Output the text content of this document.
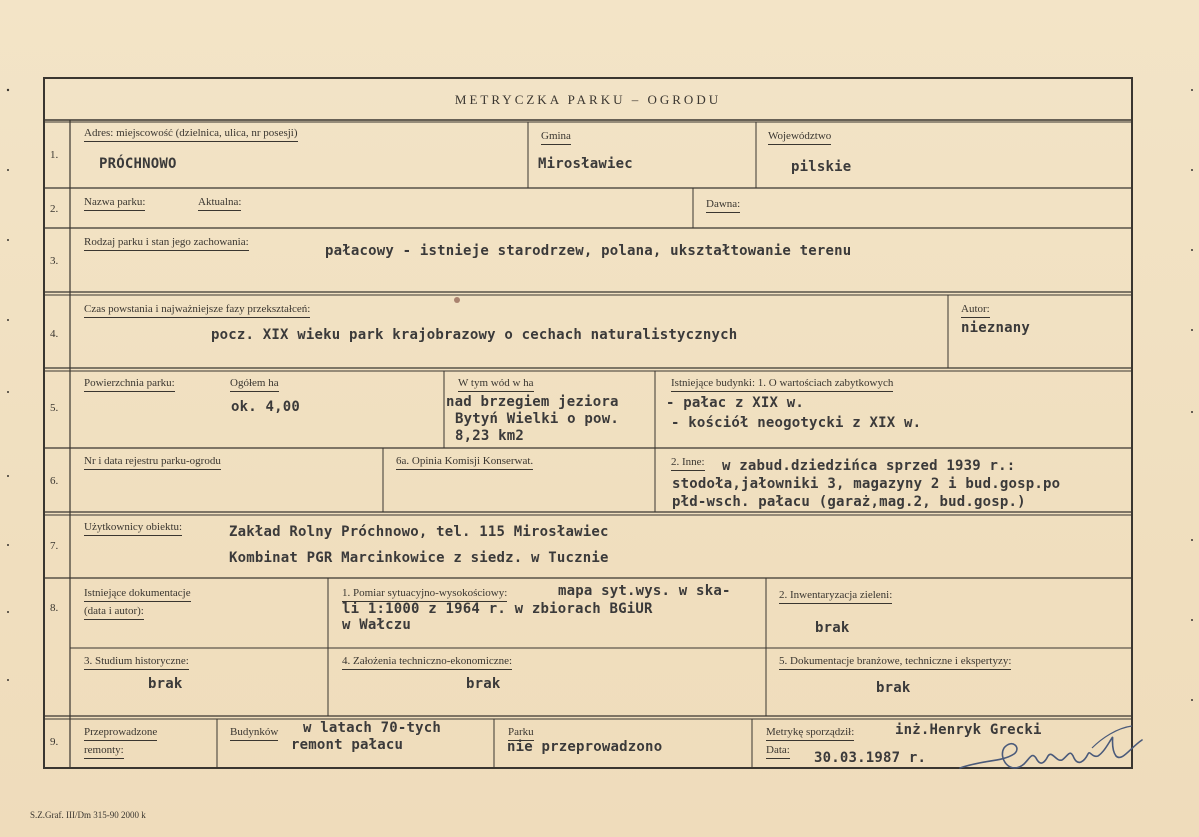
METRYCZKA PARKU – OGRODU
1.
Adres: miejscowość (dzielnica, ulica, nr posesji)
PRÓCHNOWO
Gmina
Mirosławiec
Województwo
pilskie
2.
Nazwa parku:	Aktualna:	Dawna:
3.
Rodzaj parku i stan jego zachowania:
pałacowy - istnieje starodrzew, polana, ukształtowanie terenu
4.
Czas powstania i najważniejsze fazy przekształceń:
pocz. XIX wieku park krajobrazowy o cechach naturalistycznych
Autor:
nieznany
5.
Powierzchnia parku:	Ogółem ha
ok. 4,00
W tym wód w ha
nad brzegiem jeziora
Bytyń Wielki o pow.
8,23 km2
Istniejące budynki: 1. O wartościach zabytkowych
- pałac z XIX w.
- kościół neogotycki z XIX w.
6.
Nr i data rejestru parku-ogrodu	6a. Opinia Komisji Konserwat.	2. Inne: w zabud.dziedzińca sprzed 1939 r.:
stodoła,jałowniki 3, magazyny 2 i bud.gosp.po
płd-wsch. pałacu (garaż,mag.2, bud.gosp.)
7.
Użytkownicy obiektu:	Zakład Rolny Próchnowo, tel. 115 Mirosławiec
Kombinat PGR Marcinkowice z siedz. w Tucznie
8.
Istniejące dokumentacje
(data i autor):
1. Pomiar sytuacyjno-wysokościowy:	mapa syt.wys. w ska-
li 1:1000 z 1964 r. w zbiorach BGiUR
w Wałczu
2. Inwentaryzacja zieleni:
brak
3. Studium historyczne:
brak
4. Założenia techniczno-ekonomiczne:
brak
5. Dokumentacje branżowe, techniczne i ekspertyzy:
brak
9.
Przeprowadzone
remonty:
Budynków w latach 70-tych
remont pałacu
Parku
nie przeprowadzono
Metrykę sporządził:	inż.Henryk Grecki
Data: 30.03.1987 r.
S.Z.Graf. III/Dm 315-90 2000 k
